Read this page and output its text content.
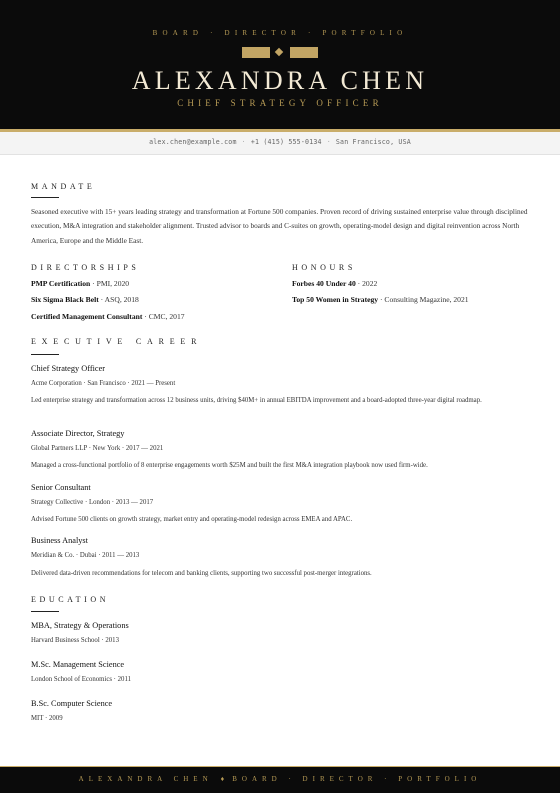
BOARD · DIRECTOR · PORTFOLIO
ALEXANDRA CHEN
CHIEF STRATEGY OFFICER
alex.chen@example.com · +1 (415) 555-0134 · San Francisco, USA
MANDATE
Seasoned executive with 15+ years leading strategy and transformation at Fortune 500 companies. Proven record of driving sustained enterprise value through disciplined execution, M&A integration and stakeholder alignment. Trusted advisor to boards and C-suites on growth, operating-model design and digital reinvention across North America, Europe and the Middle East.
DIRECTORSHIPS
PMP Certification · PMI, 2020
Six Sigma Black Belt · ASQ, 2018
Certified Management Consultant · CMC, 2017
HONOURS
Forbes 40 Under 40 · 2022
Top 50 Women in Strategy · Consulting Magazine, 2021
EXECUTIVE CAREER
Chief Strategy Officer
Acme Corporation · San Francisco · 2021 — Present
Led enterprise strategy and transformation across 12 business units, driving $40M+ in annual EBITDA improvement and a board-adopted three-year digital roadmap.
Associate Director, Strategy
Global Partners LLP · New York · 2017 — 2021
Managed a cross-functional portfolio of 8 enterprise engagements worth $25M and built the first M&A integration playbook now used firm-wide.
Senior Consultant
Strategy Collective · London · 2013 — 2017
Advised Fortune 500 clients on growth strategy, market entry and operating-model redesign across EMEA and APAC.
Business Analyst
Meridian & Co. · Dubai · 2011 — 2013
Delivered data-driven recommendations for telecom and banking clients, supporting two successful post-merger integrations.
EDUCATION
MBA, Strategy & Operations
Harvard Business School · 2013
M.Sc. Management Science
London School of Economics · 2011
B.Sc. Computer Science
MIT · 2009
ALEXANDRA CHEN ♦ BOARD · DIRECTOR · PORTFOLIO
